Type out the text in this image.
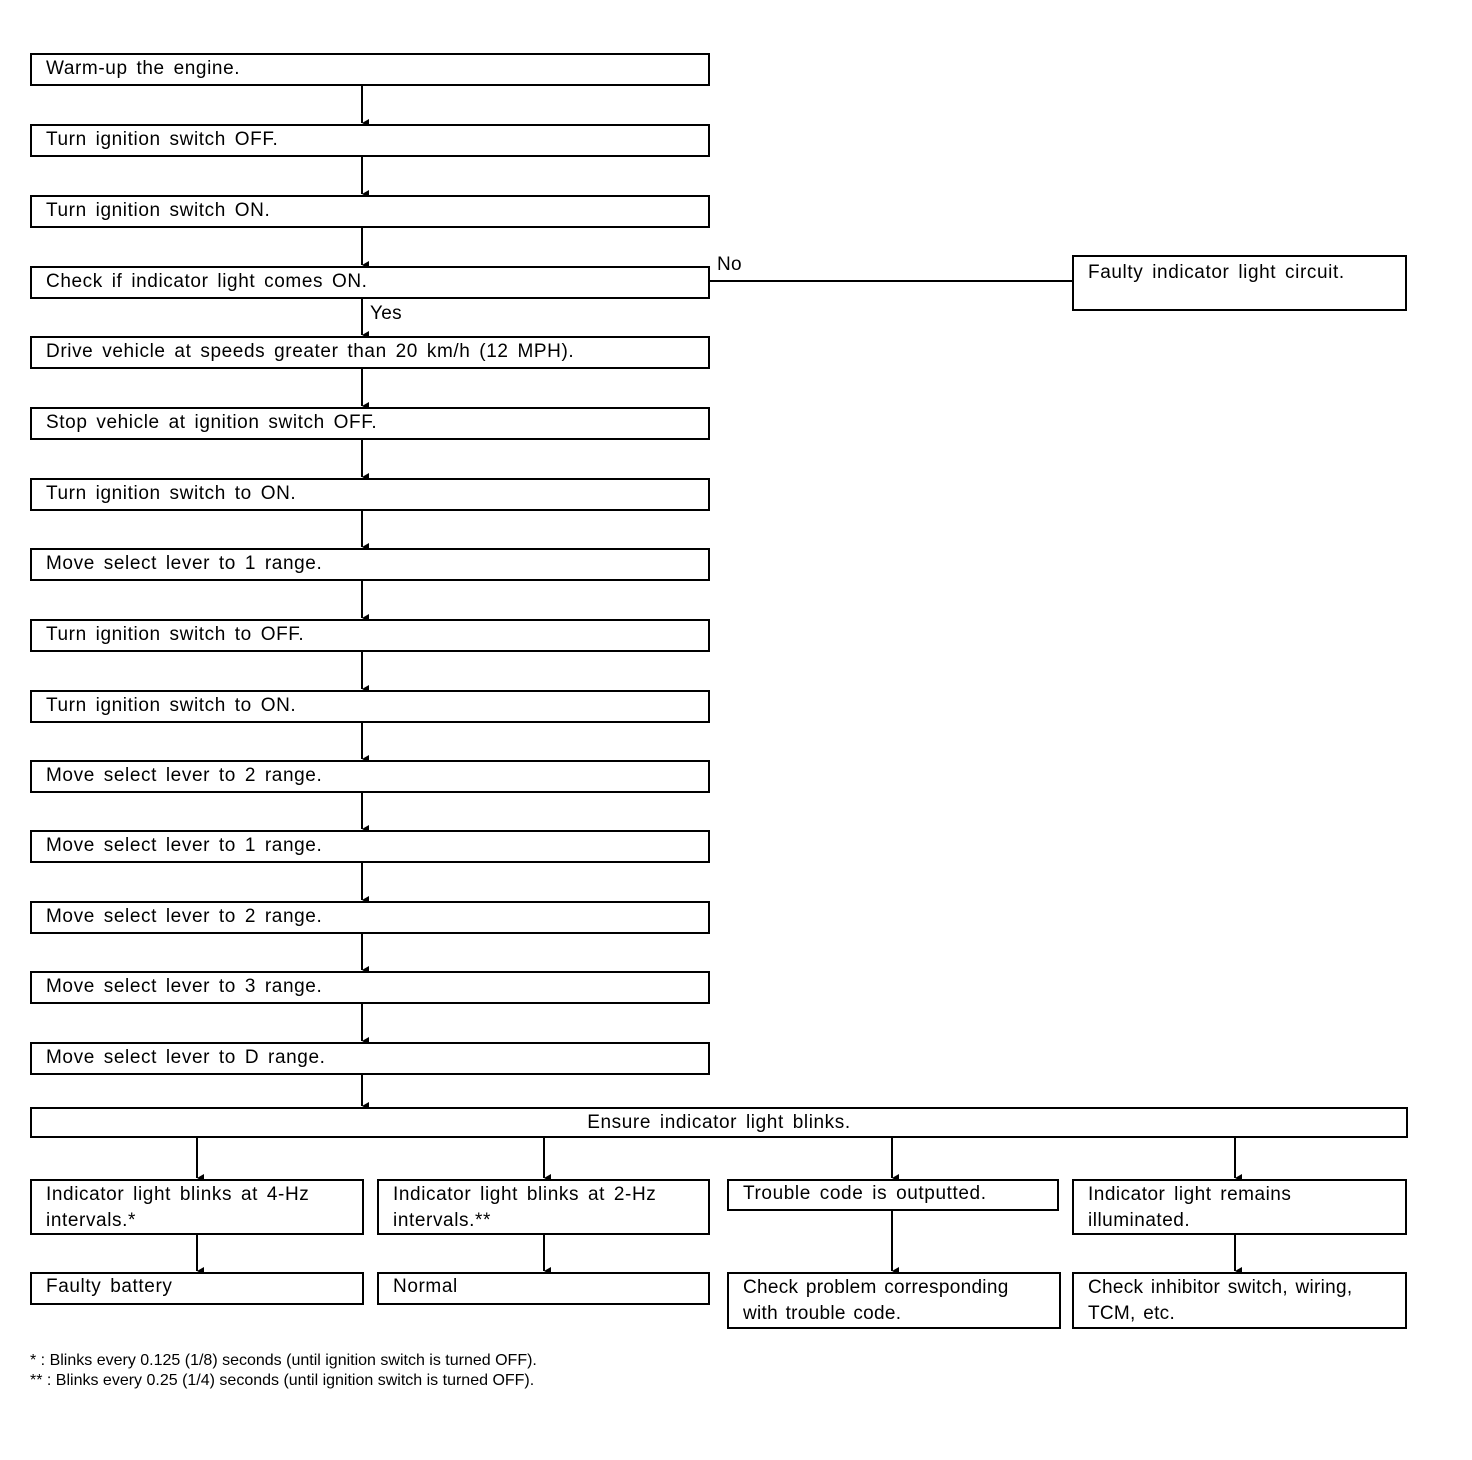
Warm-up the engine.
Turn ignition switch OFF.
Turn ignition switch ON.
Check if indicator light comes ON.
Drive vehicle at speeds greater than 20 km/h (12 MPH).
Stop vehicle at ignition switch OFF.
Turn ignition switch to ON.
Move select lever to 1 range.
Turn ignition switch to OFF.
Turn ignition switch to ON.
Move select lever to 2 range.
Move select lever to 1 range.
Move select lever to 2 range.
Move select lever to 3 range.
Move select lever to D range.
No
Yes
Faulty indicator light circuit.
Ensure indicator light blinks.
Indicator light blinks at 4-Hz intervals.*
Indicator light blinks at 2-Hz intervals.**
Trouble code is outputted.	Indicator light remains illuminated.
Faulty battery	Normal	Check problem corresponding with trouble code.
Check inhibitor switch, wiring, TCM, etc.
* : Blinks every 0.125 (1/8) seconds (until ignition switch is turned OFF).
** : Blinks every 0.25 (1/4) seconds (until ignition switch is turned OFF).
